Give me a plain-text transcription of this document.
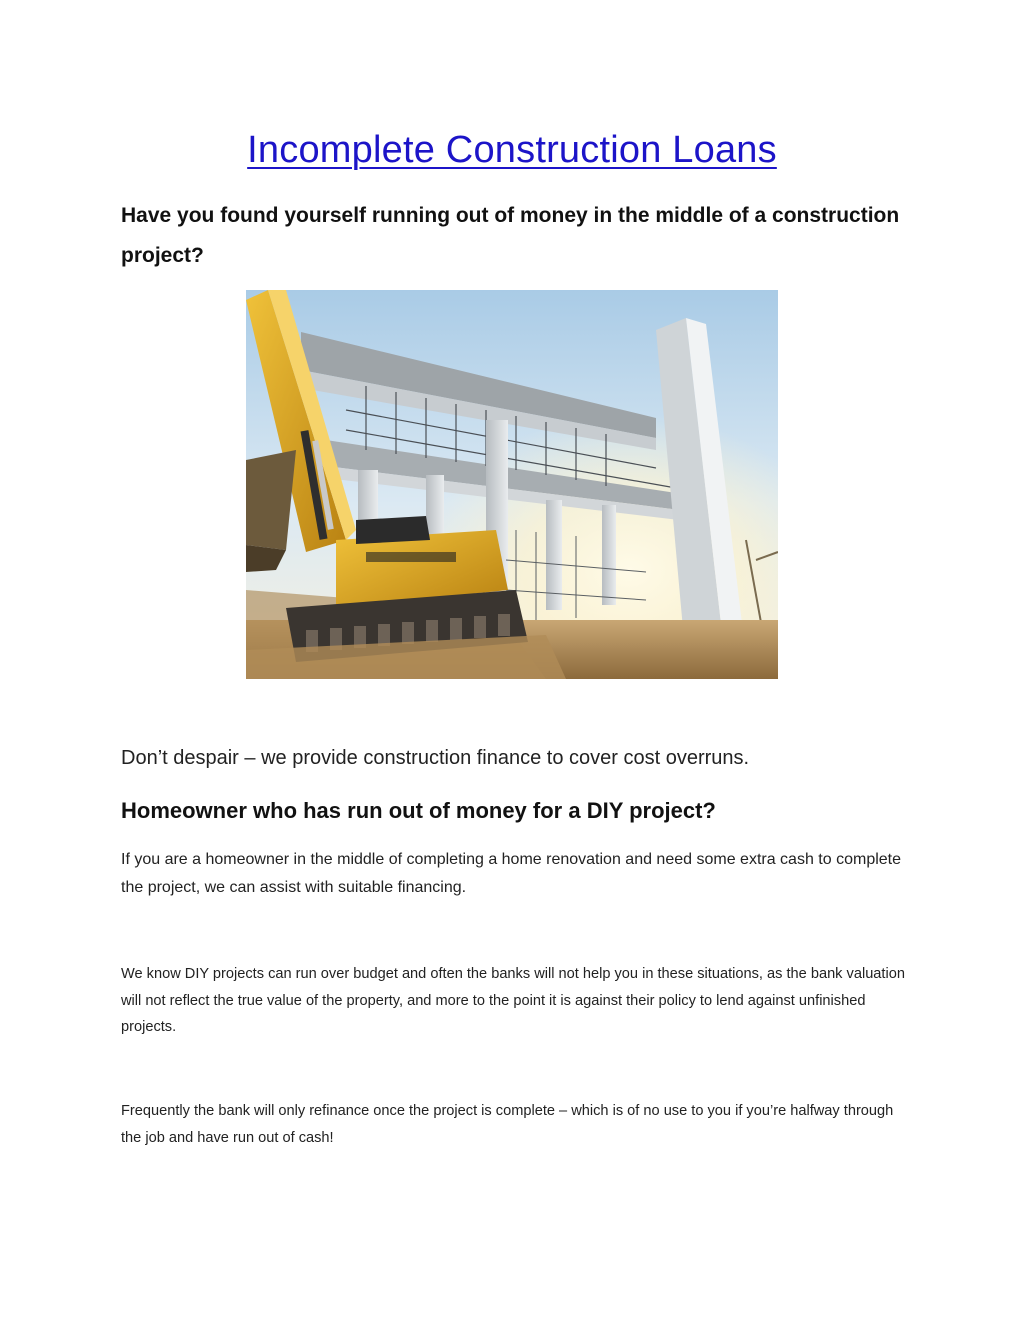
Incomplete Construction Loans

Have you found yourself running out of money in the middle of a construction project?

Don’t despair – we provide construction finance to cover cost overruns.

Homeowner who has run out of money for a DIY project?

If you are a homeowner in the middle of completing a home renovation and need some extra cash to complete the project, we can assist with suitable financing.

We know DIY projects can run over budget and often the banks will not help you in these situations, as the bank valuation will not reflect the true value of the property, and more to the point it is against their policy to lend against unfinished projects.

Frequently the bank will only refinance once the project is complete – which is of no use to you if you’re halfway through the job and have run out of cash!
